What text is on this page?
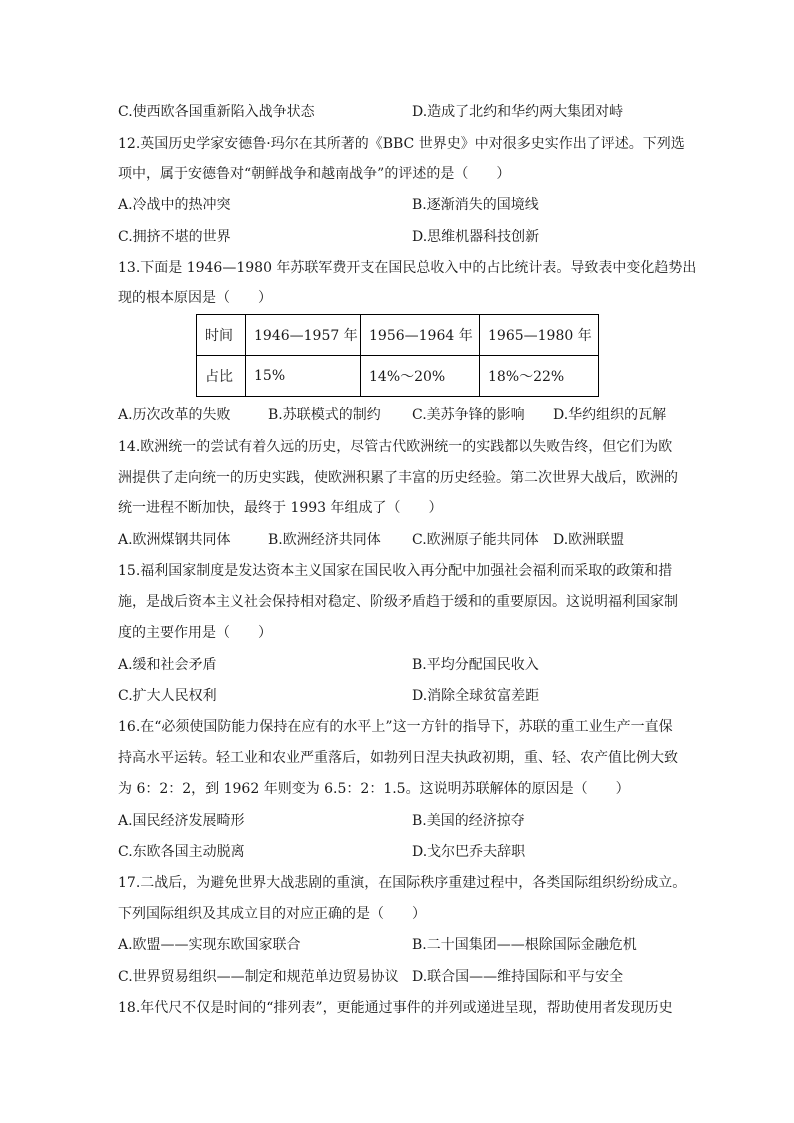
C.使西欧各国重新陷入战争状态	D.造成了北约和华约两大集团对峙
12.英国历史学家安德鲁·玛尔在其所著的《BBC 世界史》中对很多史实作出了评述。下列选
项中，属于安德鲁对“朝鲜战争和越南战争”的评述的是（　　）
A.冷战中的热冲突	B.逐渐消失的国境线
C.拥挤不堪的世界	D.思维机器科技创新
13.下面是 1946—1980 年苏联军费开支在国民总收入中的占比统计表。导致表中变化趋势出
现的根本原因是（　　）
时间	1946—1957 年	1956—1964 年	1965—1980 年
占比	15%	14%～20%	18%～22%
A.历次改革的失败	B.苏联模式的制约 C.美苏争锋的影响 D.华约组织的瓦解
14.欧洲统一的尝试有着久远的历史，尽管古代欧洲统一的实践都以失败告终，但它们为欧
洲提供了走向统一的历史实践，使欧洲积累了丰富的历史经验。第二次世界大战后，欧洲的
统一进程不断加快，最终于 1993 年组成了（　　）
A.欧洲煤钢共同体	B.欧洲经济共同体 C.欧洲原子能共同体 D.欧洲联盟
15.福利国家制度是发达资本主义国家在国民收入再分配中加强社会福利而采取的政策和措
施，是战后资本主义社会保持相对稳定、阶级矛盾趋于缓和的重要原因。这说明福利国家制
度的主要作用是（　　）
A.缓和社会矛盾	B.平均分配国民收入
C.扩大人民权利	D.消除全球贫富差距
16.在“必须使国防能力保持在应有的水平上”这一方针的指导下，苏联的重工业生产一直保
持高水平运转。轻工业和农业严重落后，如勃列日涅夫执政初期，重、轻、农产值比例大致
为 6：2：2，到 1962 年则变为 6.5：2：1.5。这说明苏联解体的原因是（　　）
A.国民经济发展畸形	B.美国的经济掠夺
C.东欧各国主动脱离	D.戈尔巴乔夫辞职
17.二战后，为避免世界大战悲剧的重演，在国际秩序重建过程中，各类国际组织纷纷成立。
下列国际组织及其成立目的对应正确的是（　　）
A.欧盟——实现东欧国家联合	B.二十国集团——根除国际金融危机
C.世界贸易组织——制定和规范单边贸易协议 D.联合国——维持国际和平与安全
18.年代尺不仅是时间的“排列表”，更能通过事件的并列或递进呈现，帮助使用者发现历史
